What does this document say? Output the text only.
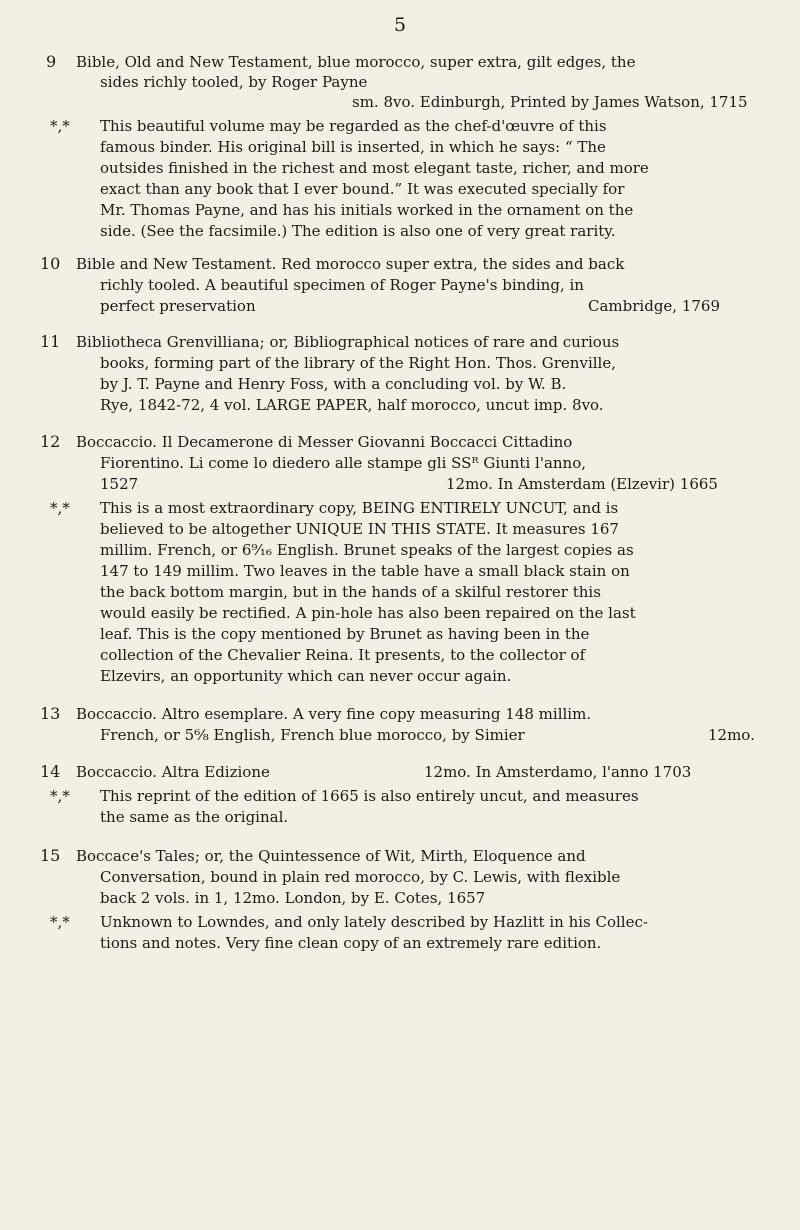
5
9 Bible, Old and New Testament, blue morocco, super extra, gilt edges, the
sides richly tooled, by Roger Payne
sm. 8vo. Edinburgh, Printed by James Watson, 1715
*,* This beautiful volume may be regarded as the chef-d'œuvre of this
famous binder. His original bill is inserted, in which he says: “ The
outsides finished in the richest and most elegant taste, richer, and more
exact than any book that I ever bound.” It was executed specially for
Mr. Thomas Payne, and has his initials worked in the ornament on the
side. (See the facsimile.) The edition is also one of very great rarity.
10 Bible and New Testament. Red morocco super extra, the sides and back
richly tooled. A beautiful specimen of Roger Payne's binding, in
perfect preservation	Cambridge, 1769
11 Bibliotheca Grenvilliana; or, Bibliographical notices of rare and curious
books, forming part of the library of the Right Hon. Thos. Grenville,
by J. T. Payne and Henry Foss, with a concluding vol. by W. B.
Rye, 1842-72, 4 vol. LARGE PAPER, half morocco, uncut imp. 8vo.
12 Boccaccio. Il Decamerone di Messer Giovanni Boccacci Cittadino
Fiorentino. Li come lo diedero alle stampe gli SSᴿ Giunti l'anno,
1527	12mo. In Amsterdam (Elzevir) 1665
*,* This is a most extraordinary copy, BEING ENTIRELY UNCUT, and is
believed to be altogether UNIQUE IN THIS STATE. It measures 167
millim. French, or 6⁹⁄₁₆ English. Brunet speaks of the largest copies as
147 to 149 millim. Two leaves in the table have a small black stain on
the back bottom margin, but in the hands of a skilful restorer this
would easily be rectified. A pin-hole has also been repaired on the last
leaf. This is the copy mentioned by Brunet as having been in the
collection of the Chevalier Reina. It presents, to the collector of
Elzevirs, an opportunity which can never occur again.
13 Boccaccio. Altro esemplare. A very fine copy measuring 148 millim.
French, or 5⁶⁄₈ English, French blue morocco, by Simier	12mo.
14 Boccaccio. Altra Edizione	12mo. In Amsterdamo, l'anno 1703
*,* This reprint of the edition of 1665 is also entirely uncut, and measures
the same as the original.
15 Boccace's Tales; or, the Quintessence of Wit, Mirth, Eloquence and
Conversation, bound in plain red morocco, by C. Lewis, with flexible
back 2 vols. in 1, 12mo. London, by E. Cotes, 1657
*,* Unknown to Lowndes, and only lately described by Hazlitt in his Collec-
tions and notes. Very fine clean copy of an extremely rare edition.
